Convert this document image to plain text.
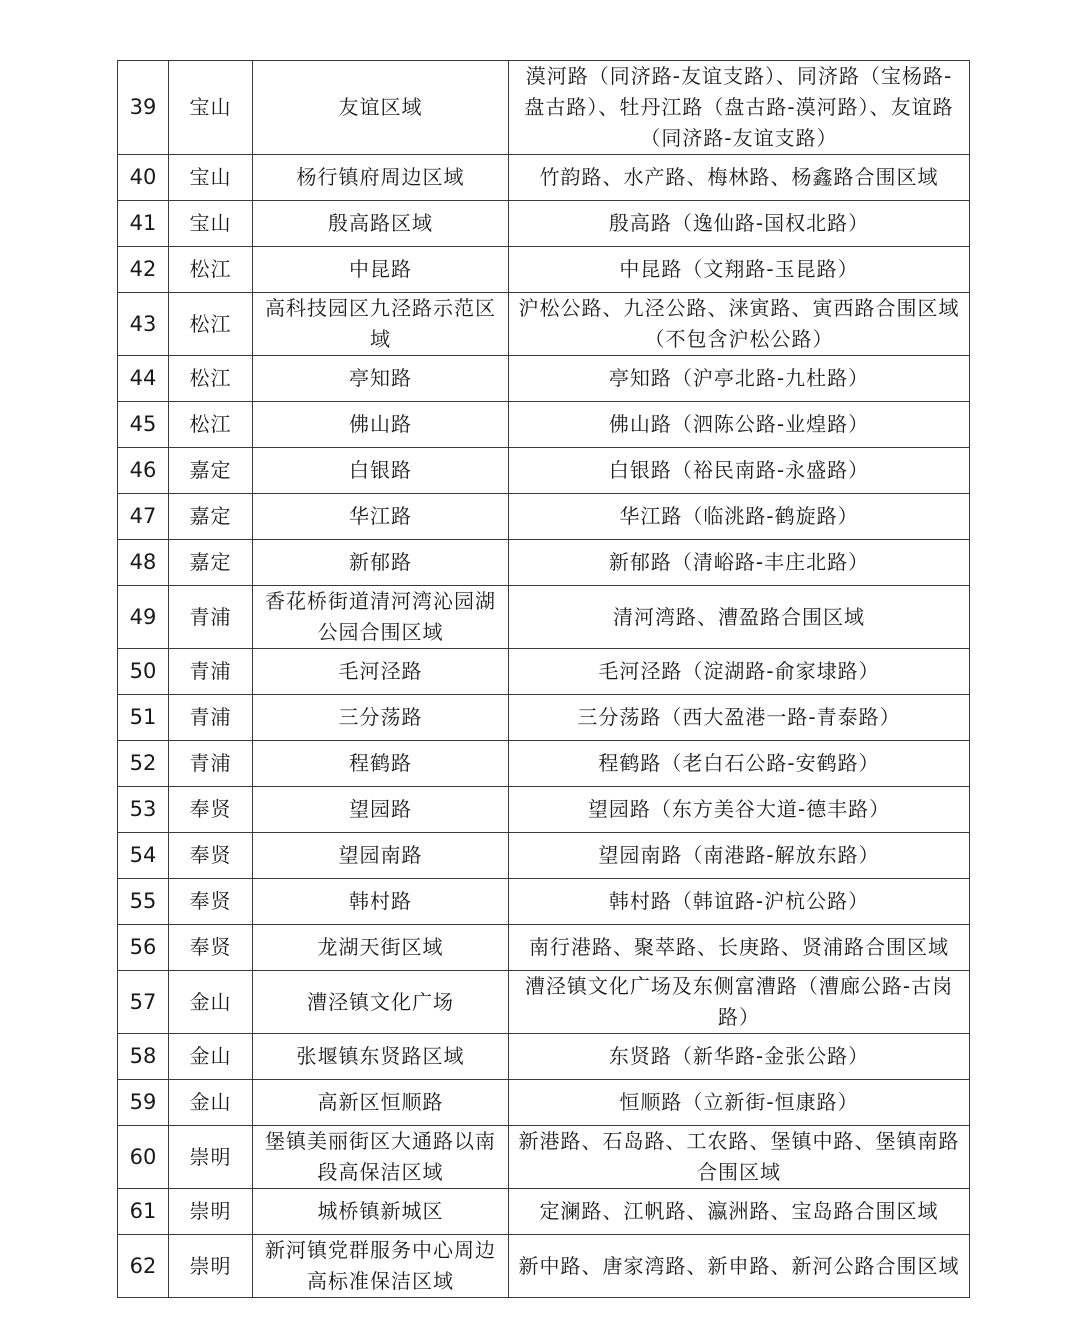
39	宝山	友谊区域	漠河路（同济路-友谊支路）、同济路（宝杨路-盘古路）、牡丹江路（盘古路-漠河路）、友谊路（同济路-友谊支路）
40	宝山	杨行镇府周边区域	竹韵路、水产路、梅林路、杨鑫路合围区域
41	宝山	殷高路区域	殷高路（逸仙路-国权北路）
42	松江	中昆路	中昆路（文翔路-玉昆路）
43	松江	高科技园区九泾路示范区域	沪松公路、九泾公路、涞寅路、寅西路合围区域（不包含沪松公路）
44	松江	亭知路	亭知路（沪亭北路-九杜路）
45	松江	佛山路	佛山路（泗陈公路-业煌路）
46	嘉定	白银路	白银路（裕民南路-永盛路）
47	嘉定	华江路	华江路（临洮路-鹤旋路）
48	嘉定	新郁路	新郁路（清峪路-丰庄北路）
49	青浦	香花桥街道清河湾沁园湖公园合围区域	清河湾路、漕盈路合围区域
50	青浦	毛河泾路	毛河泾路（淀湖路-俞家埭路）
51	青浦	三分荡路	三分荡路（西大盈港一路-青泰路）
52	青浦	程鹤路	程鹤路（老白石公路-安鹤路）
53	奉贤	望园路	望园路（东方美谷大道-德丰路）
54	奉贤	望园南路	望园南路（南港路-解放东路）
55	奉贤	韩村路	韩村路（韩谊路-沪杭公路）
56	奉贤	龙湖天街区域	南行港路、聚萃路、长庚路、贤浦路合围区域
57	金山	漕泾镇文化广场	漕泾镇文化广场及东侧富漕路（漕廊公路-古岗路）
58	金山	张堰镇东贤路区域	东贤路（新华路-金张公路）
59	金山	高新区恒顺路	恒顺路（立新街-恒康路）
60	崇明	堡镇美丽街区大通路以南段高保洁区域	新港路、石岛路、工农路、堡镇中路、堡镇南路合围区域
61	崇明	城桥镇新城区	定澜路、江帆路、瀛洲路、宝岛路合围区域
62	崇明	新河镇党群服务中心周边高标准保洁区域	新中路、唐家湾路、新申路、新河公路合围区域
